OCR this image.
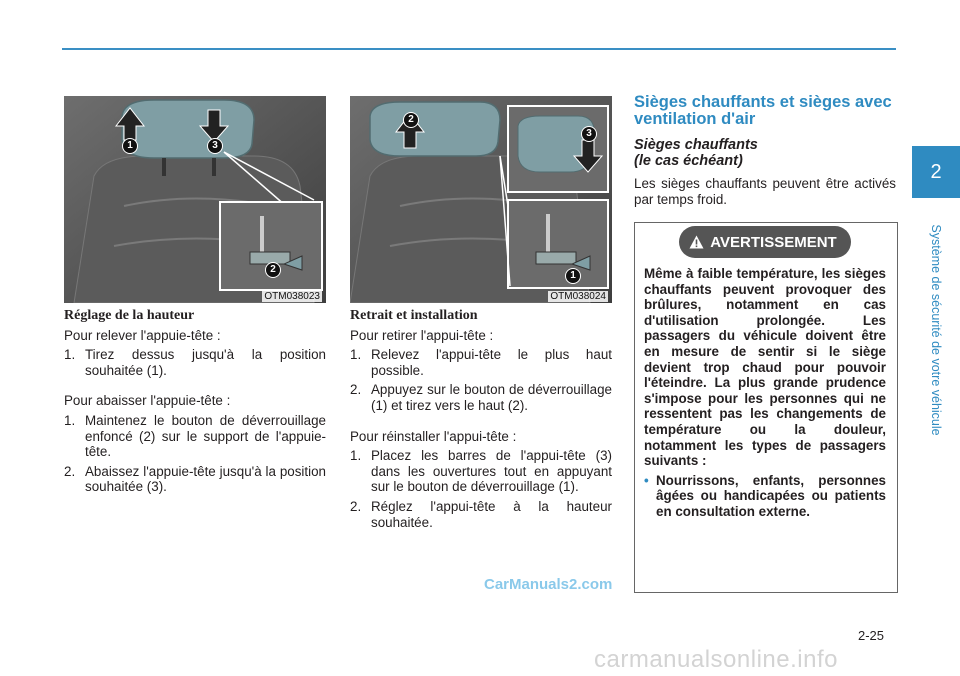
2
Système de sécurité de votre véhicule
1	3
2
OTM038023
2
3
1
OTM038024
Réglage de la hauteur

Pour relever l'appuie-tête :

1. Tirez dessus jusqu'à la position souhaitée (1).

Pour abaisser l'appuie-tête :

1. Maintenez le bouton de déverrouillage enfoncé (2) sur le support de l'appuie-tête.
2. Abaissez l'appuie-tête jusqu'à la position souhaitée (3).
Retrait et installation

Pour retirer l'appui-tête :

1. Relevez l'appui-tête le plus haut possible.
2. Appuyez sur le bouton de déverrouillage (1) et tirez vers le haut (2).

Pour réinstaller l'appui-tête :

1. Placez les barres de l'appui-tête (3) dans les ouvertures tout en appuyant sur le bouton de déverrouillage (1).
2. Réglez l'appui-tête à la hauteur souhaitée.
Sièges chauffants et sièges avec ventilation d'air
Sièges chauffants
(le cas échéant)

Les sièges chauffants peuvent être activés par temps froid.

AVERTISSEMENT

Même à faible température, les sièges chauffants peuvent provoquer des brûlures, notamment en cas d'utilisation prolongée. Les passagers du véhicule doivent être en mesure de sentir si le siège devient trop chaud pour pouvoir l'éteindre. La plus grande prudence s'impose pour les personnes qui ne ressentent pas les changements de température ou la douleur, notamment les types de passagers suivants :

• Nourrissons, enfants, personnes âgées ou handicapées ou patients en consultation externe.
CarManuals2.com
2-25
carmanualsonline.info
